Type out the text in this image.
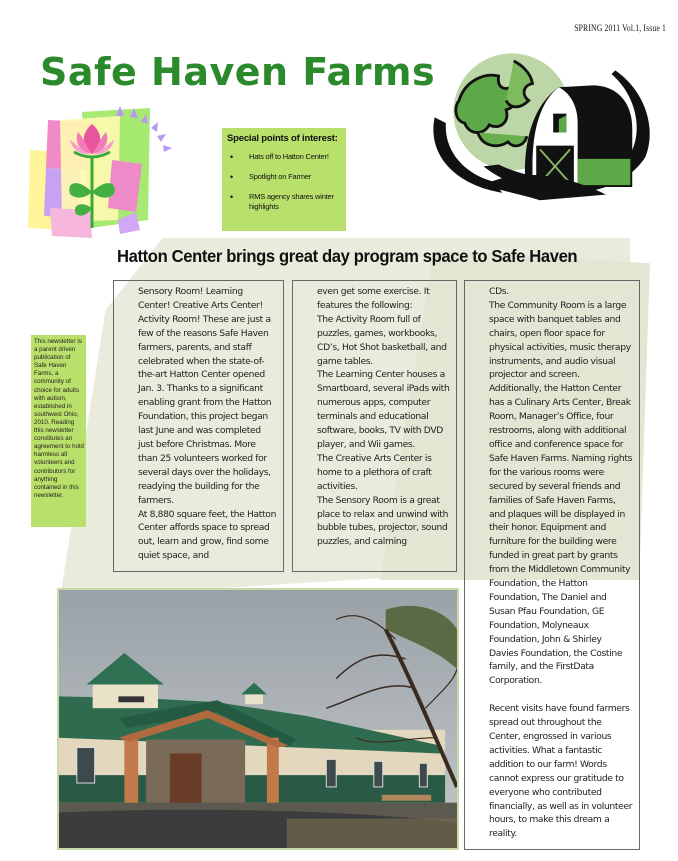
SPRING 2011 Vol.1, Issue 1
Safe Haven Farms
Special points of interest:
• Hats off to Hatton Center!
• Spotlight on Farmer
• RMS agency shares winter highlights
Hatton Center brings great day program space to Safe Haven
This newsletter is a parent driven publication of Safe Haven Farms, a community of choice for adults with autism, established in southwest Ohio, 2010. Reading this newsletter constitutes an agreement to hold harmless all volunteers and contributors for anything contained in this newsletter.

Sensory Room! Learning Center! Creative Arts Center! Activity Room! These are just a few of the reasons Safe Haven farmers, parents, and staff celebrated when the state-of-the-art Hatton Center opened Jan. 3. Thanks to a significant enabling grant from the Hatton Foundation, this project began last June and was completed just before Christmas. More than 25 volunteers worked for several days over the holidays, readying the building for the farmers.

At 8,880 square feet, the Hatton Center affords space to spread out, learn and grow, find some quiet space, and

even get some exercise. It features the following:

The Activity Room full of puzzles, games, workbooks, CD’s, Hot Shot basketball, and game tables.

The Learning Center houses a Smartboard, several iPads with numerous apps, computer terminals and educational software, books, TV with DVD player, and Wii games.

The Creative Arts Center is home to a plethora of craft activities.

The Sensory Room is a great place to relax and unwind with bubble tubes, projector, sound puzzles, and calming

CDs.

The Community Room is a large space with banquet tables and chairs, open floor space for physical activities, music therapy instruments, and audio visual projector and screen. Additionally, the Hatton Center has a Culinary Arts Center, Break Room, Manager’s Office, four restrooms, along with additional office and conference space for Safe Haven Farms. Naming rights for the various rooms were secured by several friends and families of Safe Haven Farms, and plaques will be displayed in their honor. Equipment and furniture for the building were funded in great part by grants from the Middletown Community Foundation, the Hatton Foundation, The Daniel and Susan Pfau Foundation, GE Foundation, Molyneaux Foundation, John & Shirley Davies Foundation, the Costine family, and the FirstData Corporation.

Recent visits have found farmers spread out throughout the Center, engrossed in various activities. What a fantastic addition to our farm! Words cannot express our gratitude to everyone who contributed financially, as well as in volunteer hours, to make this dream a reality.
